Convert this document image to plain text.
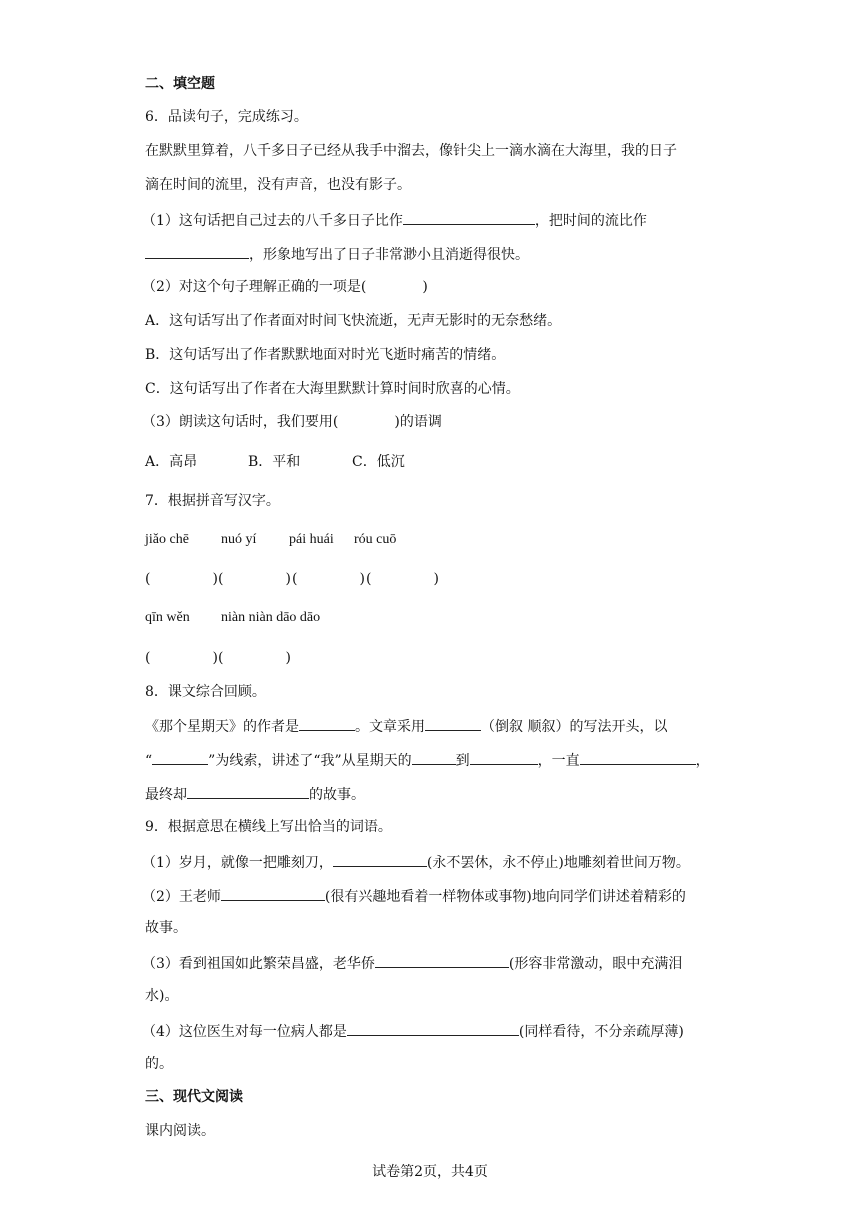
二、填空题
6．品读句子，完成练习。
在默默里算着，八千多日子已经从我手中溜去，像针尖上一滴水滴在大海里，我的日子
滴在时间的流里，没有声音，也没有影子。
（1）这句话把自己过去的八千多日子比作	，把时间的流比作
，形象地写出了日子非常渺小且消逝得很快。
（2）对这个句子理解正确的一项是(	)
A．这句话写出了作者面对时间飞快流逝，无声无影时的无奈愁绪。
B．这句话写出了作者默默地面对时光飞逝时痛苦的情绪。
C．这句话写出了作者在大海里默默计算时间时欣喜的心情。
（3）朗读这句话时，我们要用(	)的语调
A．高昂	B．平和	C．低沉
7．根据拼音写汉字。
jiǎo chē nuó yí pái huái róu cuō
(	) (	) (	) (	)
qīn wěn niàn niàn dāo dāo
(	) (	)
8．课文综合回顾。
《那个星期天》的作者是	。文章采用	（倒叙 顺叙）的写法开头，以
“	”为线索，讲述了“我”从星期天的	到	，一直	，
最终却	的故事。
9．根据意思在横线上写出恰当的词语。
（1）岁月，就像一把雕刻刀，	(永不罢休，永不停止)地雕刻着世间万物。
（2）王老师	(很有兴趣地看着一样物体或事物)地向同学们讲述着精彩的
故事。
（3）看到祖国如此繁荣昌盛，老华侨	(形容非常激动，眼中充满泪
水)。
（4）这位医生对每一位病人都是	(同样看待，不分亲疏厚薄)
的。
三、现代文阅读
课内阅读。
试卷第2页，共4页
